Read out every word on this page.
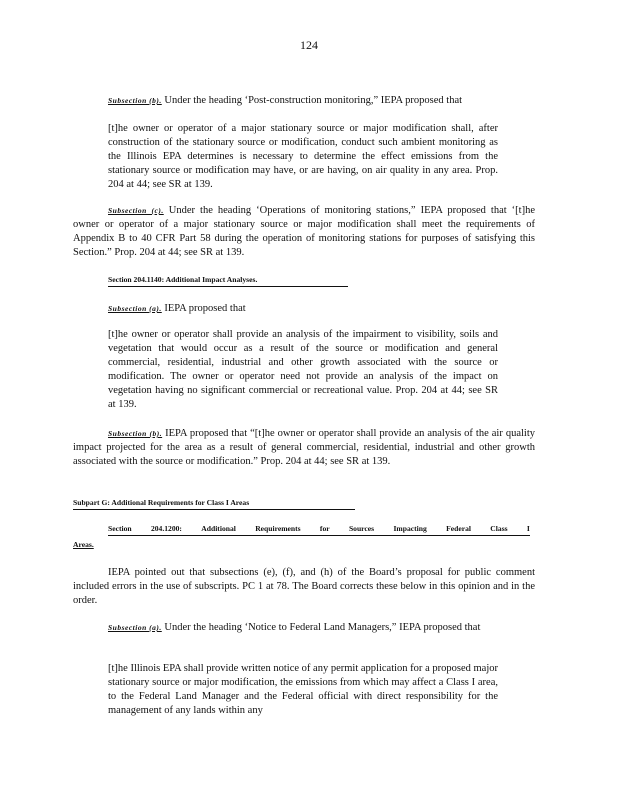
124
Subsection (b). Under the heading ‘Post-construction monitoring,” IEPA proposed that
[t]he owner or operator of a major stationary source or major modification shall, after construction of the stationary source or modification, conduct such ambient monitoring as the Illinois EPA determines is necessary to determine the effect emissions from the stationary source or modification may have, or are having, on air quality in any area. Prop. 204 at 44; see SR at 139.
Subsection (c). Under the heading ‘Operations of monitoring stations,” IEPA proposed that ‘[t]he owner or operator of a major stationary source or major modification shall meet the requirements of Appendix B to 40 CFR Part 58 during the operation of monitoring stations for purposes of satisfying this Section.” Prop. 204 at 44; see SR at 139.
Section 204.1140: Additional Impact Analyses.
Subsection (a). IEPA proposed that
[t]he owner or operator shall provide an analysis of the impairment to visibility, soils and vegetation that would occur as a result of the source or modification and general commercial, residential, industrial and other growth associated with the source or modification. The owner or operator need not provide an analysis of the impact on vegetation having no significant commercial or recreational value. Prop. 204 at 44; see SR at 139.
Subsection (b). IEPA proposed that “[t]he owner or operator shall provide an analysis of the air quality impact projected for the area as a result of general commercial, residential, industrial and other growth associated with the source or modification.” Prop. 204 at 44; see SR at 139.
Subpart G: Additional Requirements for Class I Areas
Section	204.1200:	Additional	Requirements	for	Sources	Impacting	Federal	Class	I
Areas.
IEPA pointed out that subsections (e), (f), and (h) of the Board’s proposal for public comment included errors in the use of subscripts. PC 1 at 78. The Board corrects these below in this opinion and in the order.
Subsection (a). Under the heading ‘Notice to Federal Land Managers,” IEPA proposed that
[t]he Illinois EPA shall provide written notice of any permit application for a proposed major stationary source or major modification, the emissions from which may affect a Class I area, to the Federal Land Manager and the Federal official with direct responsibility for the management of any lands within any
